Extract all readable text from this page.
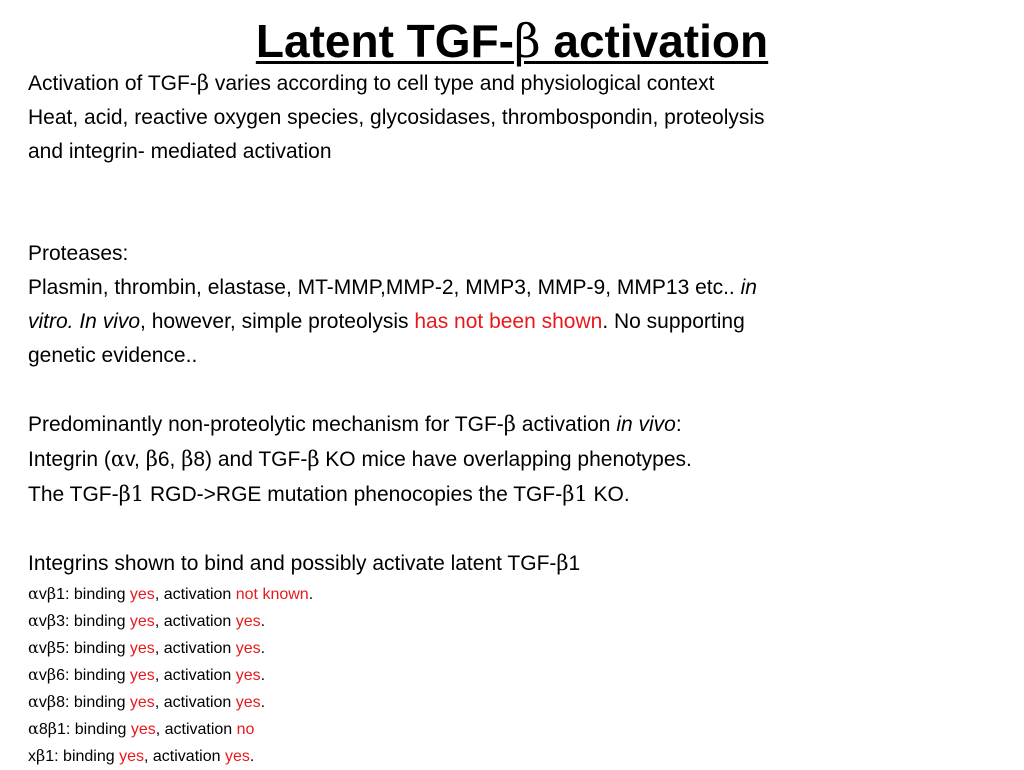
Latent TGF-β activation
Activation of TGF-β varies according to cell type and physiological context
Heat, acid, reactive oxygen species, glycosidases, thrombospondin, proteolysis
and integrin- mediated activation
Proteases:
Plasmin, thrombin, elastase, MT-MMP,MMP-2, MMP3, MMP-9, MMP13 etc.. in
vitro. In vivo, however, simple proteolysis has not been shown. No supporting
genetic evidence..
Predominantly non-proteolytic mechanism for TGF-β activation in vivo:
Integrin (αv, β6, β8) and TGF-β KO mice have overlapping phenotypes.
The TGF-β1 RGD->RGE mutation phenocopies the TGF-β1 KO.
Integrins shown to bind and possibly activate latent TGF-β1
αvβ1: binding yes, activation not known.
αvβ3: binding yes, activation yes.
αvβ5: binding yes, activation yes.
αvβ6: binding yes, activation yes.
αvβ8: binding yes, activation yes.
α8β1: binding yes, activation no
xβ1: binding yes, activation yes.
